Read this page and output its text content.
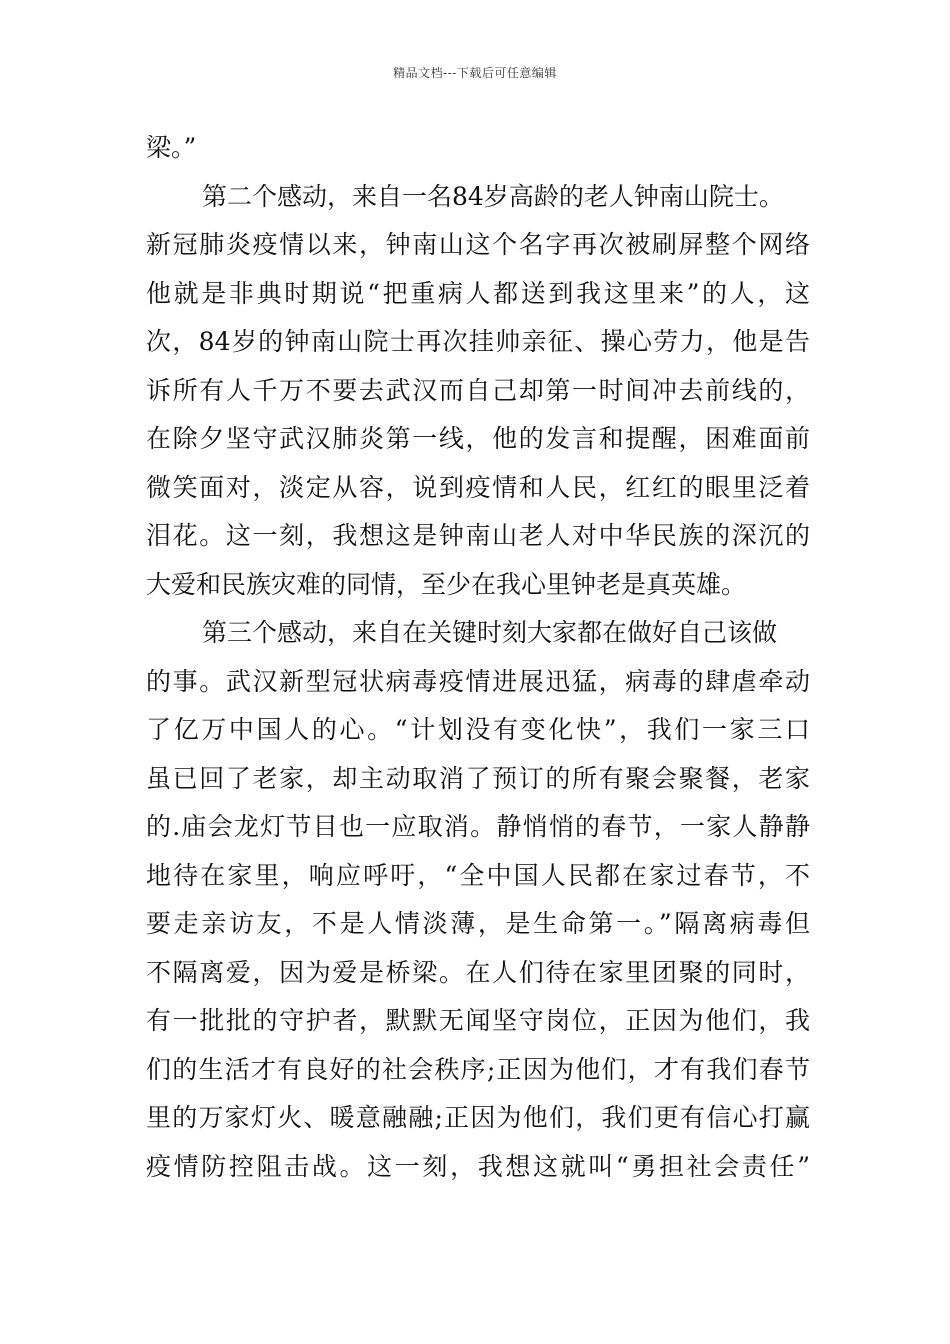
精品文档---下载后可任意编辑

梁。”

第二个感动，来自一名84岁高龄的老人钟南山院士。
新冠肺炎疫情以来，钟南山这个名字再次被刷屏整个网络
他就是非典时期说“把重病人都送到我这里来”的人，这
次，84岁的钟南山院士再次挂帅亲征、操心劳力，他是告
诉所有人千万不要去武汉而自己却第一时间冲去前线的，
在除夕坚守武汉肺炎第一线，他的发言和提醒，困难面前
微笑面对，淡定从容，说到疫情和人民，红红的眼里泛着
泪花。这一刻，我想这是钟南山老人对中华民族的深沉的
大爱和民族灾难的同情，至少在我心里钟老是真英雄。

第三个感动，来自在关键时刻大家都在做好自己该做
的事。武汉新型冠状病毒疫情进展迅猛，病毒的肆虐牵动
了亿万中国人的心。“计划没有变化快”，我们一家三口
虽已回了老家，却主动取消了预订的所有聚会聚餐，老家
的.庙会龙灯节目也一应取消。静悄悄的春节，一家人静静
地待在家里，响应呼吁，“全中国人民都在家过春节，不
要走亲访友，不是人情淡薄，是生命第一。”隔离病毒但
不隔离爱，因为爱是桥梁。在人们待在家里团聚的同时，
有一批批的守护者，默默无闻坚守岗位，正因为他们，我
们的生活才有良好的社会秩序;正因为他们，才有我们春节
里的万家灯火、暖意融融;正因为他们，我们更有信心打赢
疫情防控阻击战。这一刻，我想这就叫“勇担社会责任”
